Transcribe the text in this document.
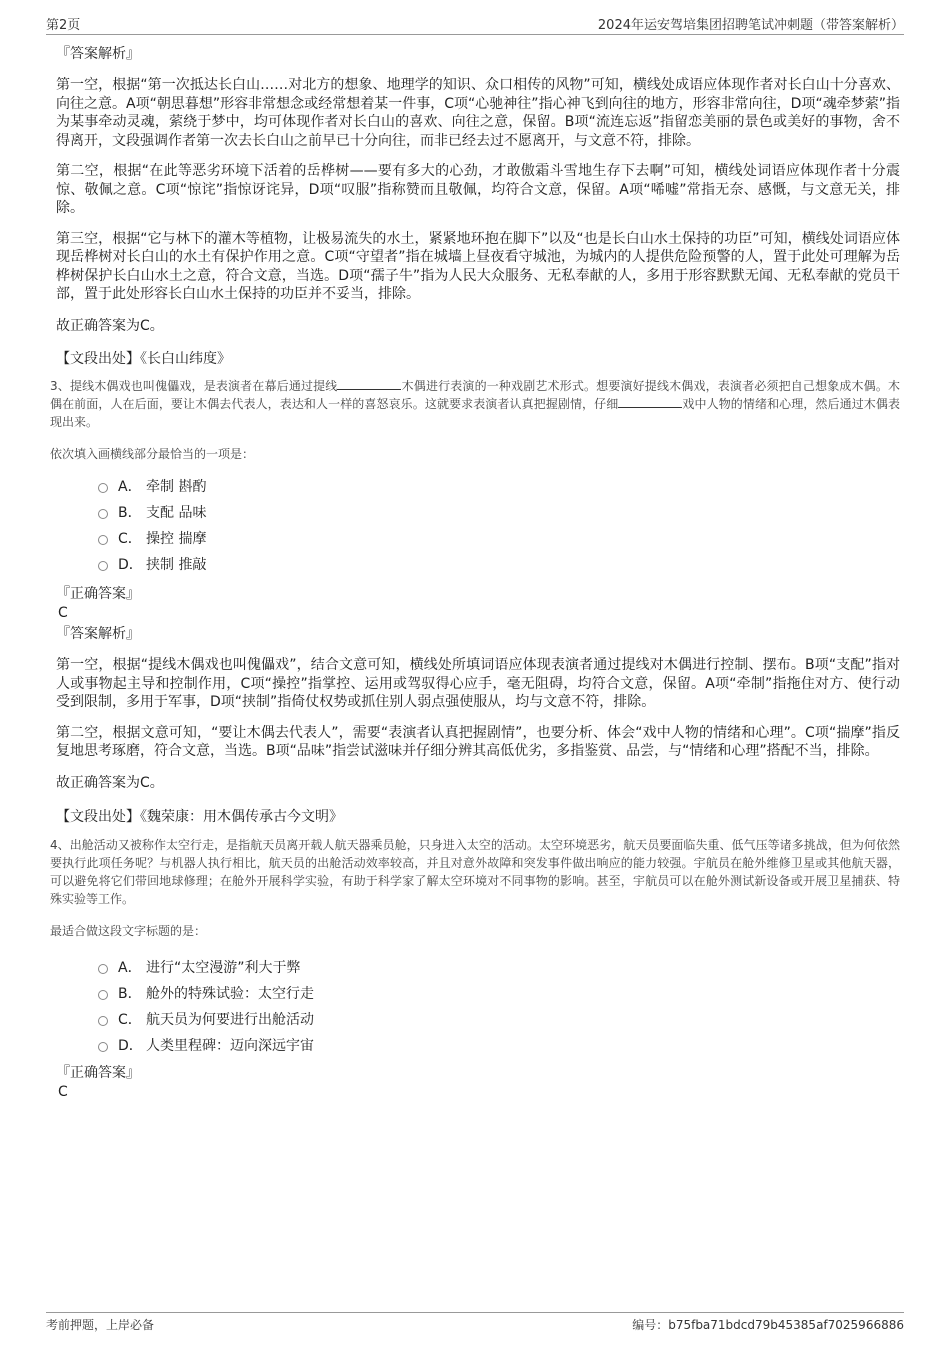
第2页	2024年运安驾培集团招聘笔试冲刺题（带答案解析）
『答案解析』

第一空，根据“第一次抵达长白山……对北方的想象、地理学的知识、众口相传的风物”可知，横线处成语应体现作者对长白山十分喜欢、向往之意。A项“朝思暮想”形容非常想念或经常想着某一件事，C项“心驰神往”指心神飞到向往的地方，形容非常向往，D项“魂牵梦萦”指为某事牵动灵魂，萦绕于梦中，均可体现作者对长白山的喜欢、向往之意，保留。B项“流连忘返”指留恋美丽的景色或美好的事物，舍不得离开，文段强调作者第一次去长白山之前早已十分向往，而非已经去过不愿离开，与文意不符，排除。

第二空，根据“在此等恶劣环境下活着的岳桦树——要有多大的心劲，才敢傲霜斗雪地生存下去啊”可知，横线处词语应体现作者十分震惊、敬佩之意。C项“惊诧”指惊讶诧异，D项“叹服”指称赞而且敬佩，均符合文意，保留。A项“唏嘘”常指无奈、感慨，与文意无关，排除。

第三空，根据“它与林下的灌木等植物，让极易流失的水土，紧紧地环抱在脚下”以及“也是长白山水土保持的功臣”可知，横线处词语应体现岳桦树对长白山的水土有保护作用之意。C项“守望者”指在城墙上昼夜看守城池，为城内的人提供危险预警的人，置于此处可理解为岳桦树保护长白山水土之意，符合文意，当选。D项“孺子牛”指为人民大众服务、无私奉献的人，多用于形容默默无闻、无私奉献的党员干部，置于此处形容长白山水土保持的功臣并不妥当，排除。

故正确答案为C。

【文段出处】《长白山纬度》

3、提线木偶戏也叫傀儡戏，是表演者在幕后通过提线	木偶进行表演的一种戏剧艺术形式。想要演好提线木偶戏，表演者必须把自己想象成木偶。木偶在前面，人在后面，要让木偶去代表人，表达和人一样的喜怒哀乐。这就要求表演者认真把握剧情，仔细	戏中人物的情绪和心理，然后通过木偶表现出来。

依次填入画横线部分最恰当的一项是：

A． 牵制 斟酌
B． 支配 品味
C． 操控 揣摩
D． 挟制 推敲
『正确答案』
C
『答案解析』

第一空，根据“提线木偶戏也叫傀儡戏”，结合文意可知，横线处所填词语应体现表演者通过提线对木偶进行控制、摆布。B项“支配”指对人或事物起主导和控制作用，C项“操控”指掌控、运用或驾驭得心应手，毫无阻碍，均符合文意，保留。A项“牵制”指拖住对方、使行动受到限制，多用于军事，D项“挟制”指倚仗权势或抓住别人弱点强使服从，均与文意不符，排除。

第二空，根据文意可知，“要让木偶去代表人”，需要“表演者认真把握剧情”，也要分析、体会“戏中人物的情绪和心理”。C项“揣摩”指反复地思考琢磨，符合文意，当选。B项“品味”指尝试滋味并仔细分辨其高低优劣，多指鉴赏、品尝，与“情绪和心理”搭配不当，排除。

故正确答案为C。

【文段出处】《魏荣康：用木偶传承古今文明》

4、出舱活动又被称作太空行走，是指航天员离开载人航天器乘员舱，只身进入太空的活动。太空环境恶劣，航天员要面临失重、低气压等诸多挑战，但为何依然要执行此项任务呢？与机器人执行相比，航天员的出舱活动效率较高，并且对意外故障和突发事件做出响应的能力较强。宇航员在舱外维修卫星或其他航天器，可以避免将它们带回地球修理；在舱外开展科学实验，有助于科学家了解太空环境对不同事物的影响。甚至，宇航员可以在舱外测试新设备或开展卫星捕获、特殊实验等工作。

最适合做这段文字标题的是：

A． 进行“太空漫游”利大于弊
B． 舱外的特殊试验：太空行走
C． 航天员为何要进行出舱活动
D． 人类里程碑：迈向深远宇宙
『正确答案』
C
考前押题，上岸必备	编号：b75fba71bdcd79b45385af7025966886
